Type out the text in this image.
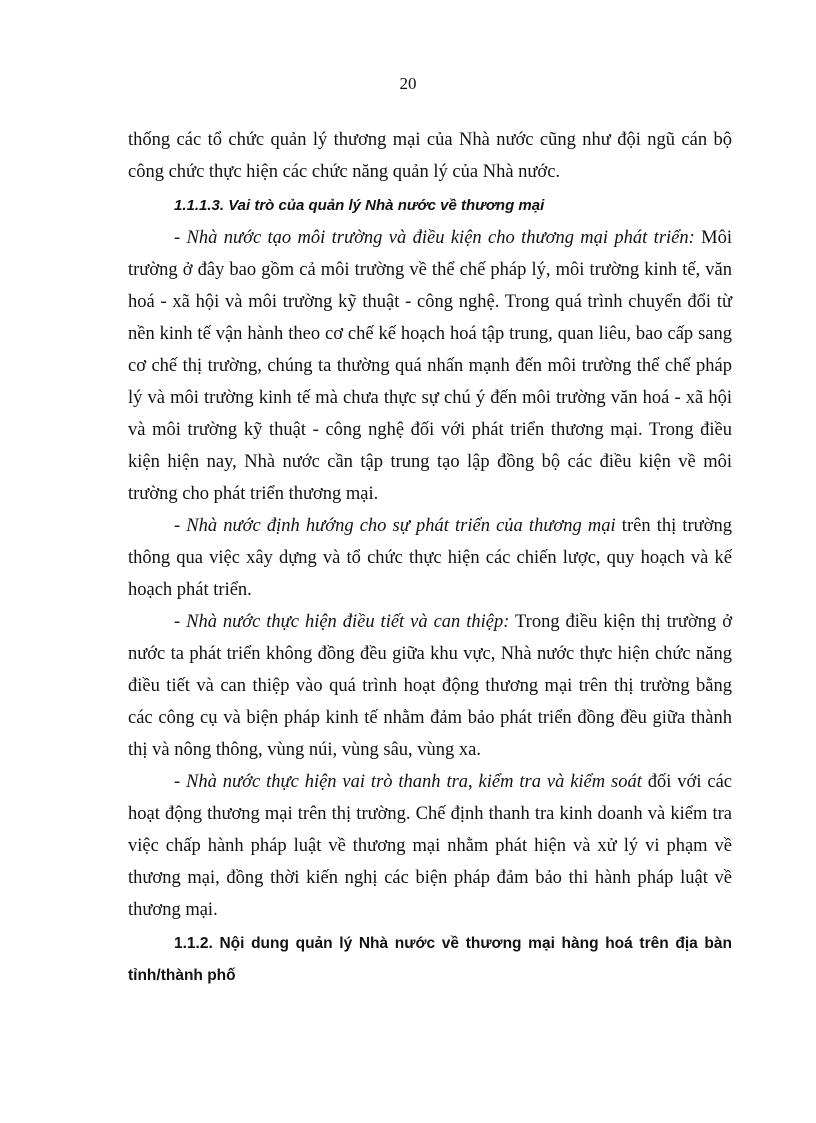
20

thống các tổ chức quản lý thương mại của Nhà nước cũng như đội ngũ cán bộ công chức thực hiện các chức năng quản lý của Nhà nước.

1.1.1.3. Vai trò của quản lý Nhà nước về thương mại

- Nhà nước tạo môi trường và điều kiện cho thương mại phát triển: Môi trường ở đây bao gồm cả môi trường về thể chế pháp lý, môi trường kinh tế, văn hoá - xã hội và môi trường kỹ thuật - công nghệ. Trong quá trình chuyển đổi từ nền kinh tế vận hành theo cơ chế kế hoạch hoá tập trung, quan liêu, bao cấp sang cơ chế thị trường, chúng ta thường quá nhấn mạnh đến môi trường thể chế pháp lý và môi trường kinh tế mà chưa thực sự chú ý đến môi trường văn hoá - xã hội và môi trường kỹ thuật - công nghệ đối với phát triển thương mại. Trong điều kiện hiện nay, Nhà nước cần tập trung tạo lập đồng bộ các điều kiện về môi trường cho phát triển thương mại.

- Nhà nước định hướng cho sự phát triển của thương mại trên thị trường thông qua việc xây dựng và tổ chức thực hiện các chiến lược, quy hoạch và kế hoạch phát triển.

- Nhà nước thực hiện điều tiết và can thiệp: Trong điều kiện thị trường ở nước ta phát triển không đồng đều giữa khu vực, Nhà nước thực hiện chức năng điều tiết và can thiệp vào quá trình hoạt động thương mại trên thị trường bằng các công cụ và biện pháp kinh tế nhằm đảm bảo phát triển đồng đều giữa thành thị và nông thông, vùng núi, vùng sâu, vùng xa.

- Nhà nước thực hiện vai trò thanh tra, kiểm tra và kiểm soát đối với các hoạt động thương mại trên thị trường. Chế định thanh tra kinh doanh và kiểm tra việc chấp hành pháp luật về thương mại nhằm phát hiện và xử lý vi phạm về thương mại, đồng thời kiến nghị các biện pháp đảm bảo thi hành pháp luật về thương mại.

1.1.2. Nội dung quản lý Nhà nước về thương mại hàng hoá trên địa bàn tỉnh/thành phố
